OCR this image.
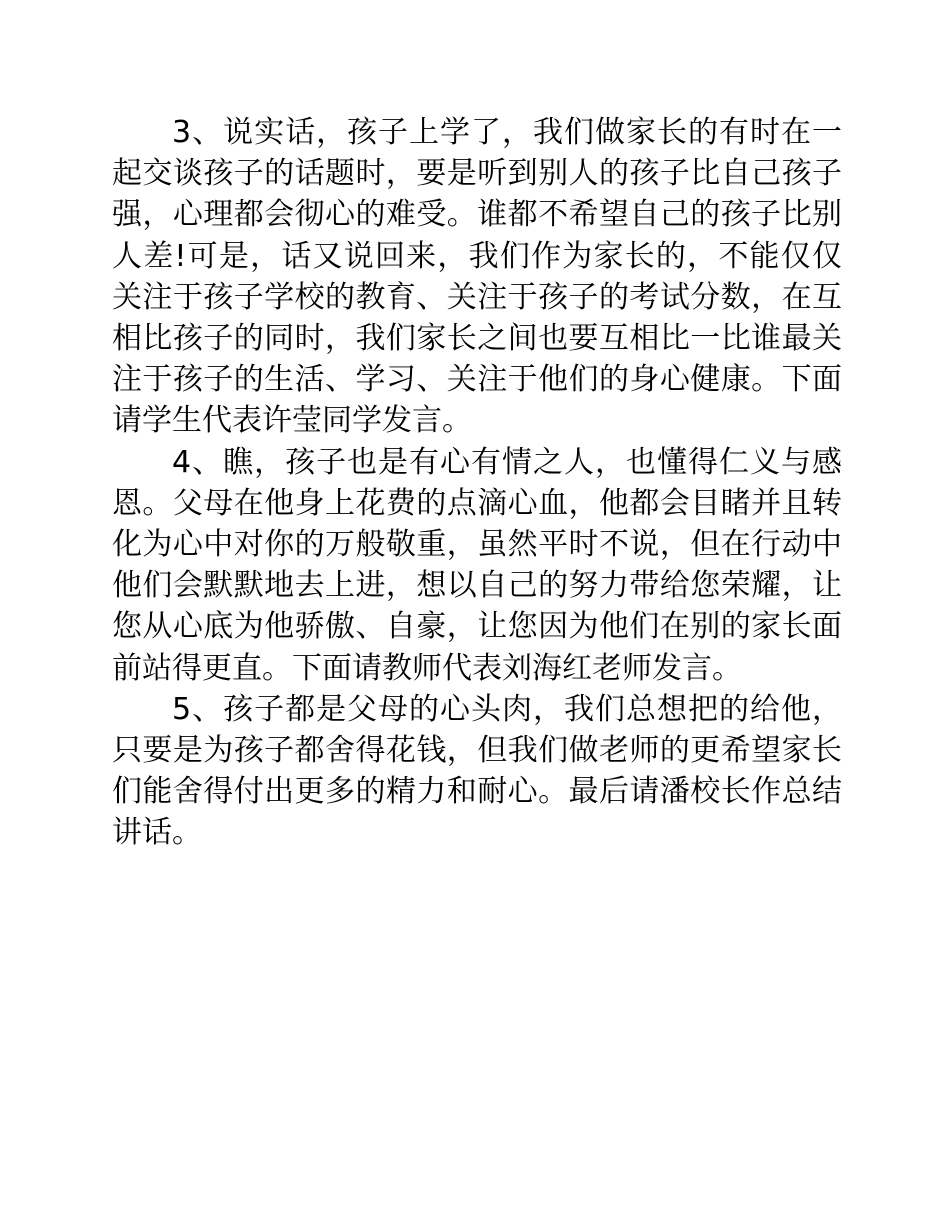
3、说实话，孩子上学了，我们做家长的有时在一起交谈孩子的话题时，要是听到别人的孩子比自己孩子强，心理都会彻心的难受。谁都不希望自己的孩子比别人差!可是，话又说回来，我们作为家长的，不能仅仅关注于孩子学校的教育、关注于孩子的考试分数，在互相比孩子的同时，我们家长之间也要互相比一比谁最关注于孩子的生活、学习、关注于他们的身心健康。下面请学生代表许莹同学发言。

4、瞧，孩子也是有心有情之人，也懂得仁义与感恩。父母在他身上花费的点滴心血，他都会目睹并且转化为心中对你的万般敬重，虽然平时不说，但在行动中他们会默默地去上进，想以自己的努力带给您荣耀，让您从心底为他骄傲、自豪，让您因为他们在别的家长面前站得更直。下面请教师代表刘海红老师发言。

5、孩子都是父母的心头肉，我们总想把的给他，只要是为孩子都舍得花钱，但我们做老师的更希望家长们能舍得付出更多的精力和耐心。最后请潘校长作总结讲话。
